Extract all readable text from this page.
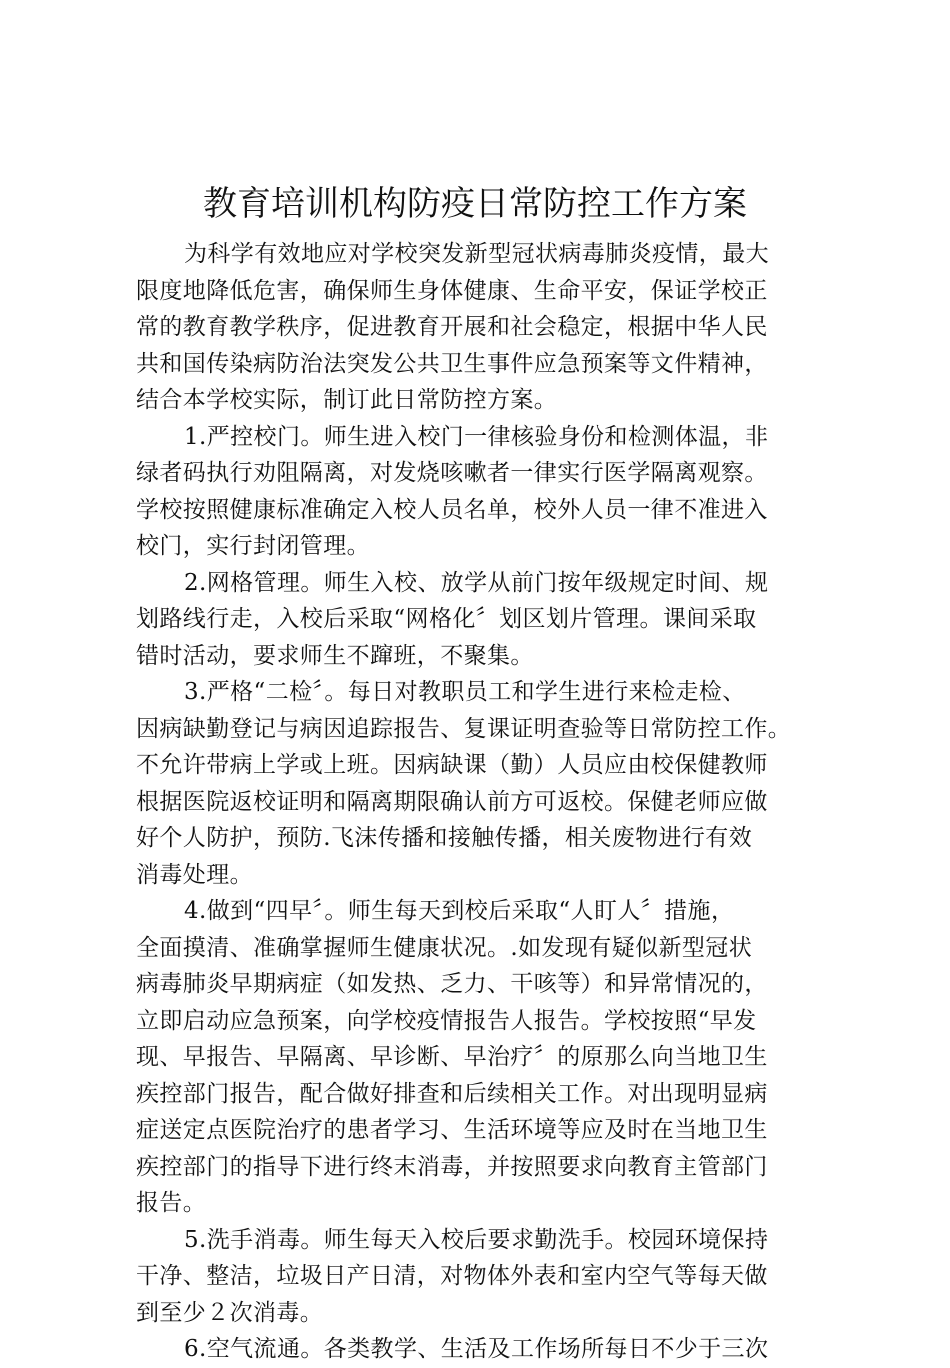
教育培训机构防疫日常防控工作方案
为科学有效地应对学校突发新型冠状病毒肺炎疫情，最大
限度地降低危害，确保师生身体健康、生命平安，保证学校正
常的教育教学秩序，促进教育开展和社会稳定，根据中华人民
共和国传染病防治法突发公共卫生事件应急预案等文件精神，
结合本学校实际，制订此日常防控方案。
1.严控校门。师生进入校门一律核验身份和检测体温，非
绿者码执行劝阻隔离，对发烧咳嗽者一律实行医学隔离观察。
学校按照健康标准确定入校人员名单，校外人员一律不准进入
校门，实行封闭管理。
2.网格管理。师生入校、放学从前门按年级规定时间、规
划路线行走，入校后采取“网格化〞划区划片管理。课间采取
错时活动，要求师生不蹿班，不聚集。
3.严格“二检〞。每日对教职员工和学生进行来检走检、
因病缺勤登记与病因追踪报告、复课证明查验等日常防控工作。
不允许带病上学或上班。因病缺课（勤）人员应由校保健教师
根据医院返校证明和隔离期限确认前方可返校。保健老师应做
好个人防护，预防.飞沫传播和接触传播，相关废物进行有效
消毒处理。
4.做到“四早〞。师生每天到校后采取“人盯人〞措施，
全面摸清、准确掌握师生健康状况。.如发现有疑似新型冠状
病毒肺炎早期病症（如发热、乏力、干咳等）和异常情况的，
立即启动应急预案，向学校疫情报告人报告。学校按照“早发
现、早报告、早隔离、早诊断、早治疗〞的原那么向当地卫生
疾控部门报告，配合做好排查和后续相关工作。对出现明显病
症送定点医院治疗的患者学习、生活环境等应及时在当地卫生
疾控部门的指导下进行终末消毒，并按照要求向教育主管部门
报告。
5.洗手消毒。师生每天入校后要求勤洗手。校园环境保持
干净、整洁，垃圾日产日清，对物体外表和室内空气等每天做
到至少２次消毒。
6.空气流通。各类教学、生活及工作场所每日不少于三次
